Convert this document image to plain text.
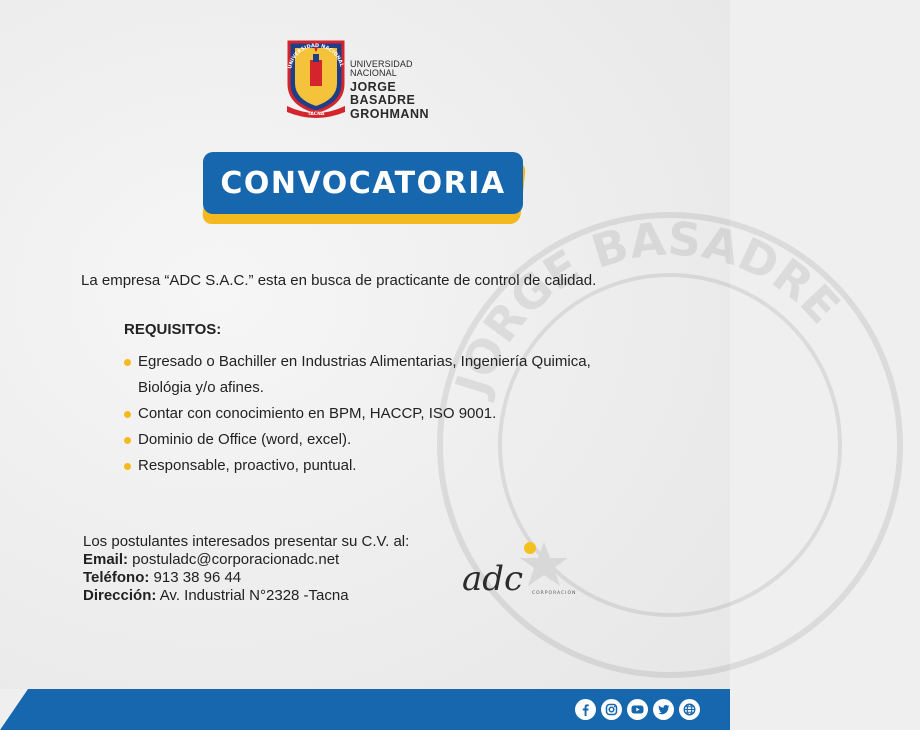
JORGE BASADRE
UNIVERSIDAD NACIONAL
TACNA
UNIVERSIDAD NACIONAL
JORGE BASADRE
GROHMANN
CONVOCATORIA
La empresa “ADC S.A.C.” esta en busca de practicante de control de calidad.
REQUISITOS:
Egresado o Bachiller en Industrias Alimentarias, Ingeniería Quimica,
Biológia y/o afines.
Contar con conocimiento en BPM, HACCP, ISO 9001.
Dominio de Office (word, excel).
Responsable, proactivo, puntual.
Los postulantes interesados presentar su C.V. al:
Email: postuladc@corporacionadc.net
Teléfono: 913 38 96 44
Dirección: Av. Industrial N°2328 -Tacna	adc CORPORACIÓN
